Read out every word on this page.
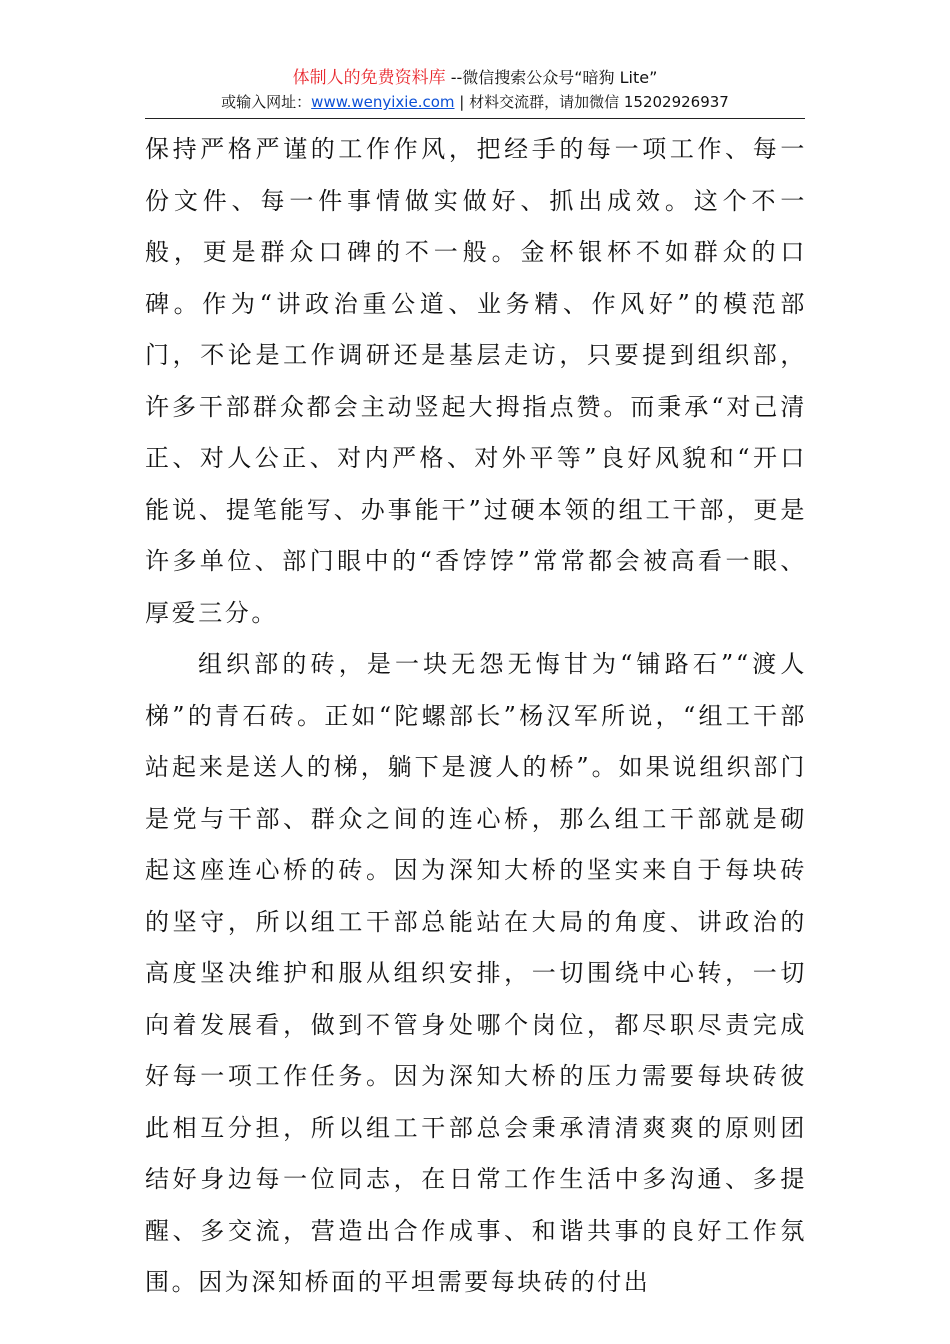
体制人的免费资料库 --微信搜索公众号“暗狗 Lite”
或输入网址：www.wenyixie.com | 材料交流群，请加微信 15202926937

保持严格严谨的工作作风，把经手的每一项工作、每一份文件、每一件事情做实做好、抓出成效。这个不一般，更是群众口碑的不一般。金杯银杯不如群众的口碑。作为“讲政治重公道、业务精、作风好”的模范部门，不论是工作调研还是基层走访，只要提到组织部，许多干部群众都会主动竖起大拇指点赞。而秉承“对己清正、对人公正、对内严格、对外平等”良好风貌和“开口能说、提笔能写、办事能干”过硬本领的组工干部，更是许多单位、部门眼中的“香饽饽”常常都会被高看一眼、厚爱三分。

组织部的砖，是一块无怨无悔甘为“铺路石”“渡人梯”的青石砖。正如“陀螺部长”杨汉军所说，“组工干部站起来是送人的梯，躺下是渡人的桥”。如果说组织部门是党与干部、群众之间的连心桥，那么组工干部就是砌起这座连心桥的砖。因为深知大桥的坚实来自于每块砖的坚守，所以组工干部总能站在大局的角度、讲政治的高度坚决维护和服从组织安排，一切围绕中心转，一切向着发展看，做到不管身处哪个岗位，都尽职尽责完成好每一项工作任务。因为深知大桥的压力需要每块砖彼此相互分担，所以组工干部总会秉承清清爽爽的原则团结好身边每一位同志，在日常工作生活中多沟通、多提醒、多交流，营造出合作成事、和谐共事的良好工作氛围。因为深知桥面的平坦需要每块砖的付出
